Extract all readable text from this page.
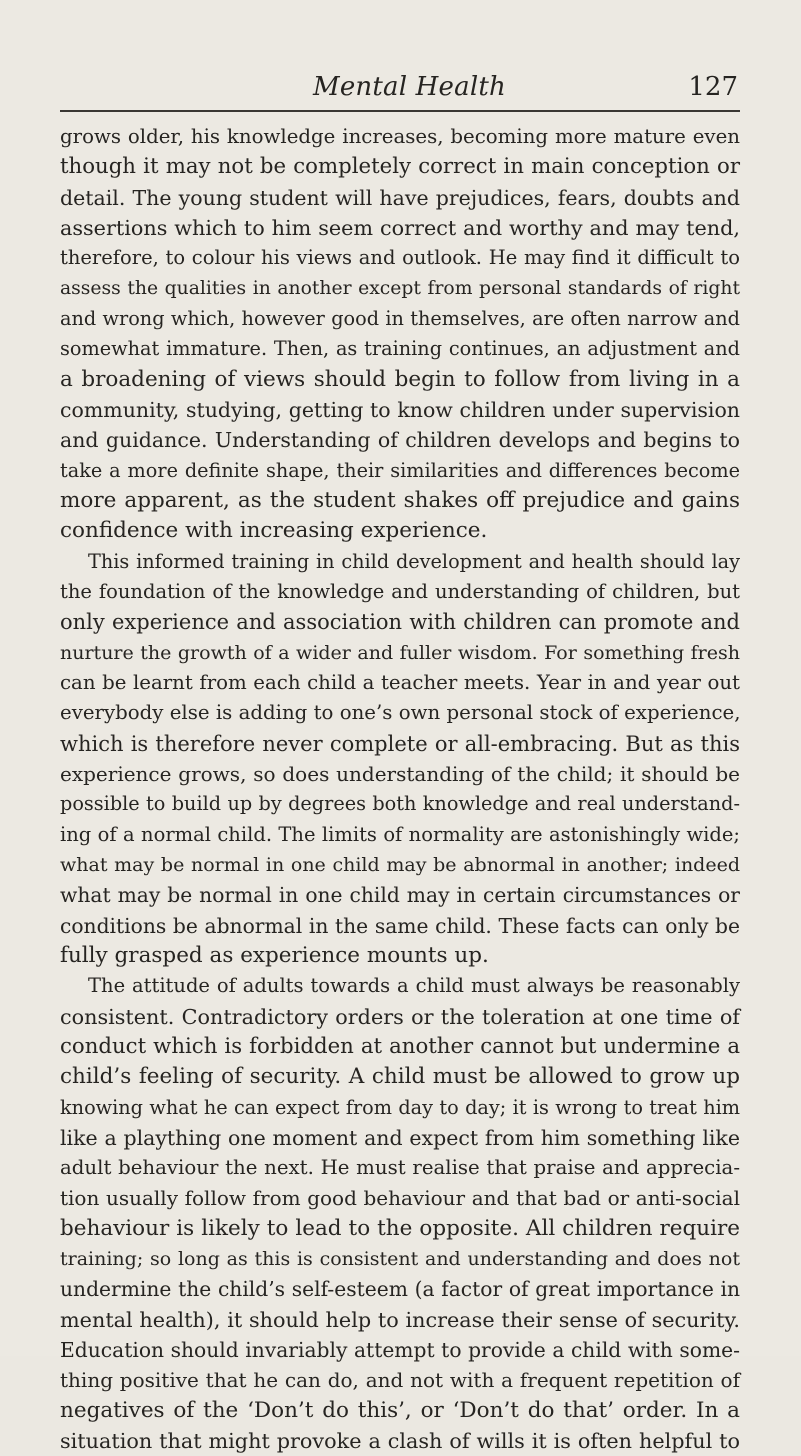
Mental Health	127
grows older, his knowledge increases, becoming more mature even
though it may not be completely correct in main conception or
detail. The young student will have prejudices, fears, doubts and
assertions which to him seem correct and worthy and may tend,
therefore, to colour his views and outlook. He may find it difficult to
assess the qualities in another except from personal standards of right
and wrong which, however good in themselves, are often narrow and
somewhat immature. Then, as training continues, an adjustment and
a broadening of views should begin to follow from living in a
community, studying, getting to know children under supervision
and guidance. Understanding of children develops and begins to
take a more definite shape, their similarities and differences become
more apparent, as the student shakes off prejudice and gains
confidence with increasing experience.
This informed training in child development and health should lay
the foundation of the knowledge and understanding of children, but
only experience and association with children can promote and
nurture the growth of a wider and fuller wisdom. For something fresh
can be learnt from each child a teacher meets. Year in and year out
everybody else is adding to one’s own personal stock of experience,
which is therefore never complete or all-embracing. But as this
experience grows, so does understanding of the child; it should be
possible to build up by degrees both knowledge and real understand-
ing of a normal child. The limits of normality are astonishingly wide;
what may be normal in one child may be abnormal in another; indeed
what may be normal in one child may in certain circumstances or
conditions be abnormal in the same child. These facts can only be
fully grasped as experience mounts up.
The attitude of adults towards a child must always be reasonably
consistent. Contradictory orders or the toleration at one time of
conduct which is forbidden at another cannot but undermine a
child’s feeling of security. A child must be allowed to grow up
knowing what he can expect from day to day; it is wrong to treat him
like a plaything one moment and expect from him something like
adult behaviour the next. He must realise that praise and apprecia-
tion usually follow from good behaviour and that bad or anti-social
behaviour is likely to lead to the opposite. All children require
training; so long as this is consistent and understanding and does not
undermine the child’s self-esteem (a factor of great importance in
mental health), it should help to increase their sense of security.
Education should invariably attempt to provide a child with some-
thing positive that he can do, and not with a frequent repetition of
negatives of the ‘Don’t do this’, or ‘Don’t do that’ order. In a
situation that might provoke a clash of wills it is often helpful to
